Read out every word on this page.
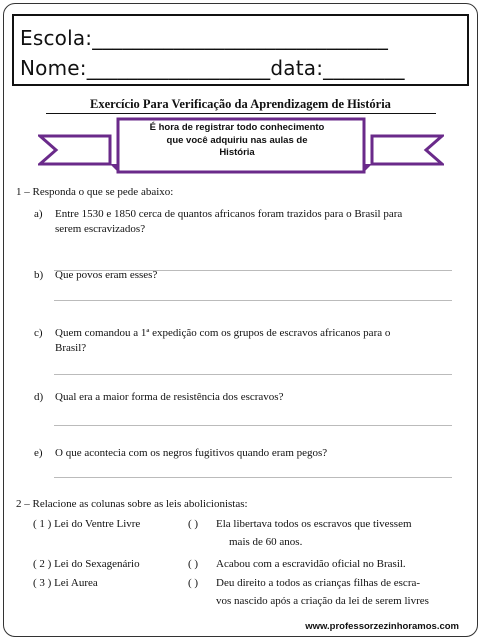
Escola:_____________________________
Nome:__________________data:________
Exercício Para Verificação da Aprendizagem de História
É hora de registrar todo conhecimento
que você adquiriu nas aulas de
História
1 – Responda o que se pede abaixo:
a) Entre 1530 e 1850 cerca de quantos africanos foram trazidos para o Brasil para
serem escravizados?
b) Que povos eram esses?
c) Quem comandou a 1ª expedição com os grupos de escravos africanos para o
Brasil?
d) Qual era a maior forma de resistência dos escravos?
e) O que acontecia com os negros fugitivos quando eram pegos?
2 – Relacione as colunas sobre as leis abolicionistas:
( 1 ) Lei do Ventre Livre	( ) Ela libertava todos os escravos que tivessem
mais de 60 anos.
( 2 ) Lei do Sexagenário	( ) Acabou com a escravidão oficial no Brasil.
( 3 ) Lei Aurea	( ) Deu direito a todos as crianças filhas de escra-
vos nascido após a criação da lei de serem livres
www.professorzezinhoramos.com
